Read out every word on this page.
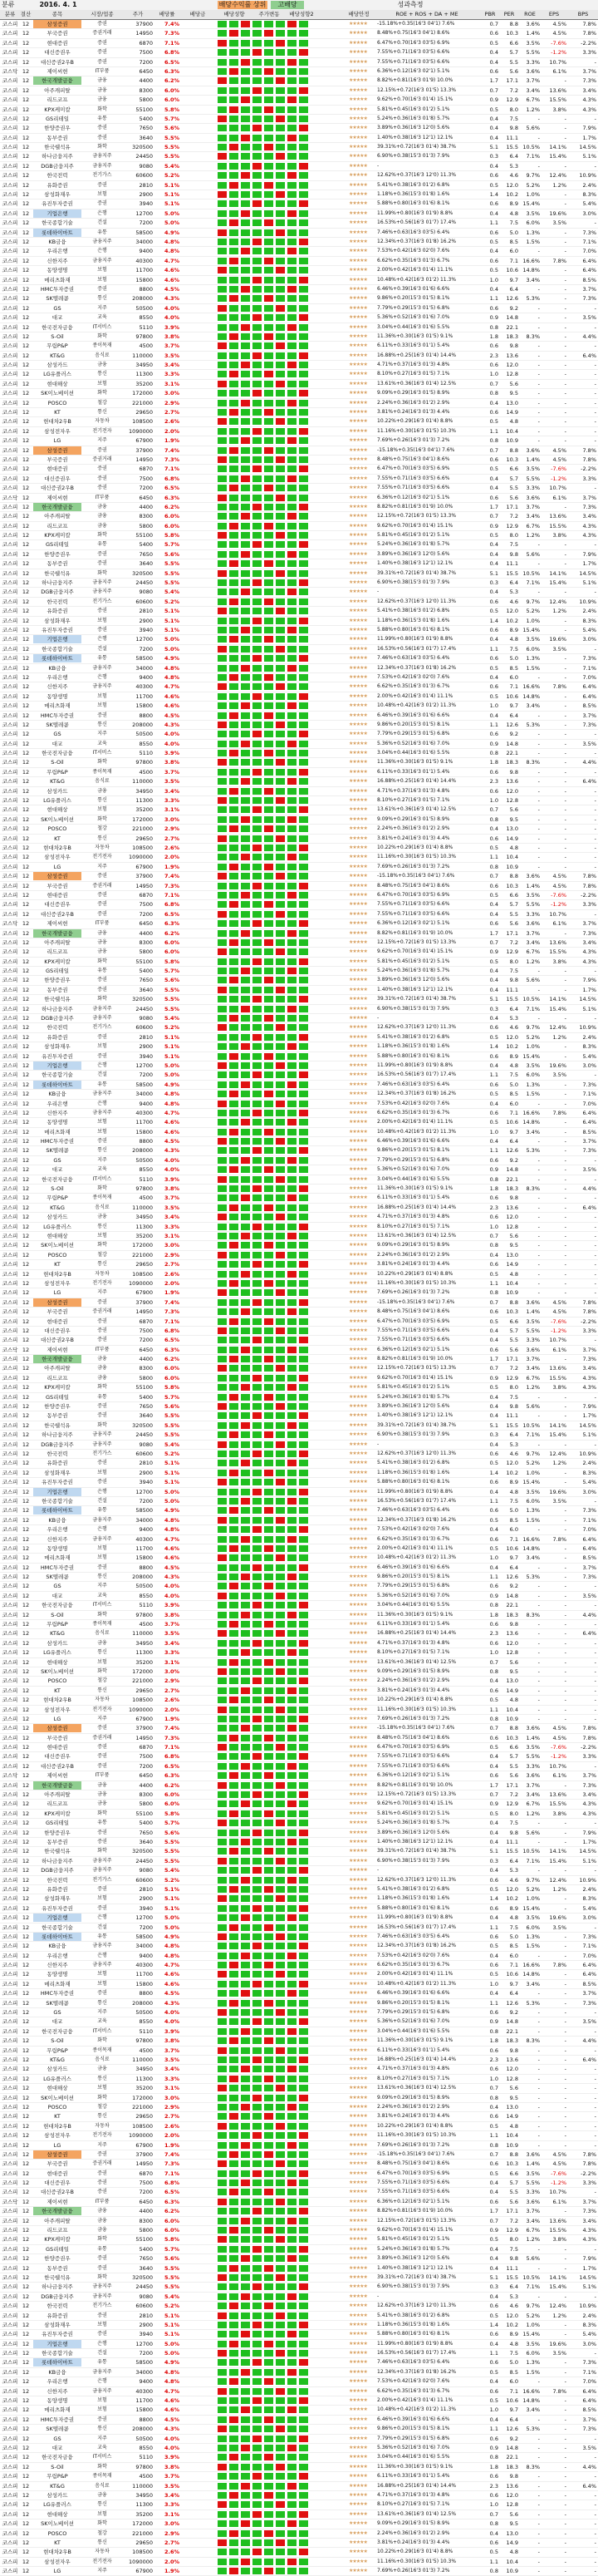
분류	2016. 4. 1	배당수익률 상위	고배당	성과측정
분류 결산	종목	시장/업종	주가	배당률	배당금	배당성향	주가변동	배당성향2	배당안정	ROE + ROS + DA + ME	PBR	PER	ROE	EPS	BPS
코스피 12	삼성증권	증권	37900	7.4%	★★★★★	-15.18%+0.35(16'3 04'1) 7.6%	0.7	8.8	3.6%	4.5%	7.8%
코스피 12	부국증권	증권거래	14950	7.3%	★★★★★	8.48%+0.75(16'3 04'1) 8.6%	0.6	10.3	1.4%	4.5%	7.8%
코스피 12	현대증권	증권	6870	7.1%	★★★★★	6.47%+0.70(16'3 03'5) 6.9%	0.5	6.6	3.5%	-7.6%	-2.2%
코스피 12	대신증권우	증권	7500	6.8%	★★★★★	7.55%+0.71(16'3 03'5) 6.6%	0.4	5.7	5.5%	-1.2%	3.3%
코스피 12	대신증권2우B	증권	7200	6.5%	★★★★★	7.55%+0.71(16'3 03'5) 6.6%	0.4	5.5	3.3%	10.7%	-
코스닥 12	제이씨현	IT부품	6450	6.3%	★★★★★	6.36%+0.12(16'3 02'1) 5.1%	0.6	5.6	3.6%	6.1%	3.7%
코스피 12	한국개발금융	금융	4400	6.2%	★★★★★	8.82%+0.81(16'3 01'9) 10.0%	1.7	17.1	3.7%	-	7.3%
코스피 12	아주캐피탈	금융	8300	6.0%	★★★★★	12.15%+0.72(16'3 01'5) 13.3%	0.7	7.2	3.4%	13.6%	3.4%
코스피 12	리드코프	금융	5800	6.0%	★★★★★	9.62%+0.70(16'3 01'4) 15.1%	0.9	12.9	6.7%	15.5%	4.3%
코스피 12	KPX케미칼	화학	55100	5.8%	★★★★★	5.81%+0.45(16'3 01'2) 5.1%	0.5	8.0	1.2%	3.8%	4.3%
코스피 12	GS리테일	유통	5400	5.7%	★★★★★	5.24%+0.36(16'3 01'8) 5.7%	0.4	7.5	-	-	-
코스피 12	한양증권우	증권	7650	5.6%	★★★★★	3.89%+0.36(16'3 12'0) 5.6%	0.4	9.8	5.6%	-	7.9%
코스피 12	동부증권	증권	3640	5.5%	★★★★★	1.40%+0.38(16'3 12'1) 12.1%	0.4	11.1	-	-	1.7%
코스피 12	한국쉘석유	화학	320500	5.5%	★★★★★	39.31%+0.72(16'3 01'4) 38.7%	5.1	15.5 10.5%	14.1%	14.5%
코스피 12	하나금융지주	금융지주	24450	5.5%	★★★★★	6.90%+0.38(15'3 01'3) 7.9%	0.3	6.4	7.1%	15.4%	5.1%
코스피 12	DGB금융지주	금융지주	9080	5.4%	★★★★★	-	0.4	5.3	-	-	-
코스피 12	한국전력	전기가스	60600	5.2%	★★★★★	12.62%+0.37(16'3 12'0) 11.3%	0.6	4.6	9.7%	12.4%	10.9%
코스피 12	유화증권	증권	2810	5.1%	★★★★★	5.41%+0.38(16'3 01'2) 6.8%	0.5	12.0	5.2%	1.2%	2.4%
코스피 12	삼성화재우	보험	2900	5.1%	★★★★★	1.18%+0.36(15'3 01'8) 1.6%	1.4	10.2	1.0%	-	8.3%
코스피 12	유진투자증권	증권	3940	5.1%	★★★★★	5.88%+0.80(16'3 01'6) 8.1%	0.6	8.9 15.4%	-	5.4%
코스피 12	기업은행	은행	12700	5.0%	★★★★★	11.99%+0.80(16'3 01'9) 8.8%	0.4	4.8	3.5%	19.6%	3.0%
코스피 12	한국종합기술	건설	7200	5.0%	★★★★★	16.53%+0.56(16'3 01'7) 17.4%	1.1	7.5	6.0%	3.5%	-
코스피 12	롯데하이마트	유통	58500	4.9%	★★★★★	7.46%+0.63(16'3 03'5) 6.4%	0.6	5.0	1.3%	-	7.3%
코스피 12	KB금융	금융지주	34000	4.8%	★★★★★	12.34%+0.37(16'3 01'8) 16.2%	0.5	8.5	1.5%	-	7.1%
코스피 12	우리은행	은행	9400	4.8%	★★★★★	7.53%+0.42(16'3 02'0) 7.6%	0.4	6.0	-	-	7.0%
코스피 12	신한지주	금융지주	40300	4.7%	★★★★★	6.62%+0.35(16'3 01'3) 6.7%	0.6	7.1 16.6%	7.8%	6.4%
코스피 12	동양생명	보험	11700	4.6%	★★★★★	2.00%+0.42(16'3 01'4) 11.1%	0.5	10.6 14.8%	-	6.4%
코스피 12	메리츠화재	보험	15800	4.6%	★★★★★	10.48%+0.42(16'3 01'2) 11.3%	1.0	9.7	3.4%	-	8.5%
코스피 12	HMC투자증권	증권	8800	4.5%	★★★★★	6.46%+0.39(16'3 01'6) 6.6%	0.4	6.4	-	-	3.7%
코스피 12	SK텔레콤	통신	208000	4.3%	★★★★★	9.86%+0.20(15'3 01'5) 8.1%	1.1	12.6	5.3%	-	7.3%
코스피 12	GS	지주	50500	4.0%	★★★★★	7.79%+0.29(15'3 01'5) 6.8%	0.6	9.2	-	-	-
코스피 12	대교	교육	8550	4.0%	★★★★★	5.36%+0.52(16'3 01'6) 7.0%	0.9	14.8	-	-	3.5%
코스피 12	한국전자금융	IT서비스	5110	3.9%	★★★★★	3.04%+0.44(16'3 01'6) 5.5%	0.8	22.1	-	-	-
코스피 12	S-Oil	화학	97800	3.8%	★★★★★	11.36%+0.30(16'3 01'5) 9.1%	1.8	18.3	8.3%	-	4.4%
코스피 12	무림P&P	종이목재	4500	3.7%	★★★★★	6.11%+0.33(16'3 01'1) 5.4%	0.6	9.8	-	-	-
코스피 12	KT&G	음식료	110000	3.5%	★★★★★	16.88%+0.25(16'3 01'4) 14.4%	2.3	13.6	-	-	6.4%
코스피 12	삼성카드	금융	34950	3.4%	★★★★★	4.71%+0.37(16'3 01'3) 4.8%	0.6	12.0	-	-	-
코스피 12	LG유플러스	통신	11300	3.3%	★★★★★	8.10%+0.27(16'3 01'5) 7.1%	1.0	12.8	-	-	-
코스피 12	현대해상	보험	35200	3.1%	★★★★★	13.61%+0.36(16'3 01'4) 12.5%	0.7	5.6	-	-	-
코스피 12	SK이노베이션	화학	172000	3.0%	★★★★★	9.09%+0.29(16'3 01'5) 8.9%	0.8	9.5	-	-	-
코스피 12	POSCO	철강	221000	2.9%	★★★★★	2.24%+0.36(16'3 01'2) 2.9%	0.4	13.0	-	-	-
코스피 12	KT	통신	29650	2.7%	★★★★★	3.81%+0.24(16'3 01'3) 4.4%	0.6	14.9	-	-	-
코스피 12	현대차2우B	자동차	108500	2.6%	★★★★★	10.22%+0.29(16'3 01'4) 8.8%	0.5	4.8	-	-	-
코스피 12	삼성전자우	전기전자	1090000	2.0%	★★★★★	11.16%+0.30(16'3 01'5) 10.3%	1.1	10.4	-	-	-
코스피 12	LG	지주	67900	1.9%	★★★★★	7.69%+0.26(16'3 01'3) 7.2%	0.8	10.9	-	-	-
코스피 12	삼성증권	증권	37900	7.4%	★★★★★	-15.18%+0.35(16'3 04'1) 7.6%	0.7	8.8	3.6%	4.5%	7.8%
코스피 12	부국증권	증권거래	14950	7.3%	★★★★★	8.48%+0.75(16'3 04'1) 8.6%	0.6	10.3	1.4%	4.5%	7.8%
코스피 12	현대증권	증권	6870	7.1%	★★★★★	6.47%+0.70(16'3 03'5) 6.9%	0.5	6.6	3.5%	-7.6%	-2.2%
코스피 12	대신증권우	증권	7500	6.8%	★★★★★	7.55%+0.71(16'3 03'5) 6.6%	0.4	5.7	5.5%	-1.2%	3.3%
코스피 12	대신증권2우B	증권	7200	6.5%	★★★★★	7.55%+0.71(16'3 03'5) 6.6%	0.4	5.5	3.3%	10.7%	-
코스닥 12	제이씨현	IT부품	6450	6.3%	★★★★★	6.36%+0.12(16'3 02'1) 5.1%	0.6	5.6	3.6%	6.1%	3.7%
코스피 12	한국개발금융	금융	4400	6.2%	★★★★★	8.82%+0.81(16'3 01'9) 10.0%	1.7	17.1	3.7%	-	7.3%
코스피 12	아주캐피탈	금융	8300	6.0%	★★★★★	12.15%+0.72(16'3 01'5) 13.3%	0.7	7.2	3.4%	13.6%	3.4%
코스피 12	리드코프	금융	5800	6.0%	★★★★★	9.62%+0.70(16'3 01'4) 15.1%	0.9	12.9	6.7%	15.5%	4.3%
코스피 12	KPX케미칼	화학	55100	5.8%	★★★★★	5.81%+0.45(16'3 01'2) 5.1%	0.5	8.0	1.2%	3.8%	4.3%
코스피 12	GS리테일	유통	5400	5.7%	★★★★★	5.24%+0.36(16'3 01'8) 5.7%	0.4	7.5	-	-	-
코스피 12	한양증권우	증권	7650	5.6%	★★★★★	3.89%+0.36(16'3 12'0) 5.6%	0.4	9.8	5.6%	-	7.9%
코스피 12	동부증권	증권	3640	5.5%	★★★★★	1.40%+0.38(16'3 12'1) 12.1%	0.4	11.1	-	-	1.7%
코스피 12	한국쉘석유	화학	320500	5.5%	★★★★★	39.31%+0.72(16'3 01'4) 38.7%	5.1	15.5 10.5%	14.1%	14.5%
코스피 12	하나금융지주	금융지주	24450	5.5%	★★★★★	6.90%+0.38(15'3 01'3) 7.9%	0.3	6.4	7.1%	15.4%	5.1%
코스피 12	DGB금융지주	금융지주	9080	5.4%	★★★★★	-	0.4	5.3	-	-	-
코스피 12	한국전력	전기가스	60600	5.2%	★★★★★	12.62%+0.37(16'3 12'0) 11.3%	0.6	4.6	9.7%	12.4%	10.9%
코스피 12	유화증권	증권	2810	5.1%	★★★★★	5.41%+0.38(16'3 01'2) 6.8%	0.5	12.0	5.2%	1.2%	2.4%
코스피 12	삼성화재우	보험	2900	5.1%	★★★★★	1.18%+0.36(15'3 01'8) 1.6%	1.4	10.2	1.0%	-	8.3%
코스피 12	유진투자증권	증권	3940	5.1%	★★★★★	5.88%+0.80(16'3 01'6) 8.1%	0.6	8.9 15.4%	-	5.4%
코스피 12	기업은행	은행	12700	5.0%	★★★★★	11.99%+0.80(16'3 01'9) 8.8%	0.4	4.8	3.5%	19.6%	3.0%
코스피 12	한국종합기술	건설	7200	5.0%	★★★★★	16.53%+0.56(16'3 01'7) 17.4%	1.1	7.5	6.0%	3.5%	-
코스피 12	롯데하이마트	유통	58500	4.9%	★★★★★	7.46%+0.63(16'3 03'5) 6.4%	0.6	5.0	1.3%	-	7.3%
코스피 12	KB금융	금융지주	34000	4.8%	★★★★★	12.34%+0.37(16'3 01'8) 16.2%	0.5	8.5	1.5%	-	7.1%
코스피 12	우리은행	은행	9400	4.8%	★★★★★	7.53%+0.42(16'3 02'0) 7.6%	0.4	6.0	-	-	7.0%
코스피 12	신한지주	금융지주	40300	4.7%	★★★★★	6.62%+0.35(16'3 01'3) 6.7%	0.6	7.1 16.6%	7.8%	6.4%
코스피 12	동양생명	보험	11700	4.6%	★★★★★	2.00%+0.42(16'3 01'4) 11.1%	0.5	10.6 14.8%	-	6.4%
코스피 12	메리츠화재	보험	15800	4.6%	★★★★★	10.48%+0.42(16'3 01'2) 11.3%	1.0	9.7	3.4%	-	8.5%
코스피 12	HMC투자증권	증권	8800	4.5%	★★★★★	6.46%+0.39(16'3 01'6) 6.6%	0.4	6.4	-	-	3.7%
코스피 12	SK텔레콤	통신	208000	4.3%	★★★★★	9.86%+0.20(15'3 01'5) 8.1%	1.1	12.6	5.3%	-	7.3%
코스피 12	GS	지주	50500	4.0%	★★★★★	7.79%+0.29(15'3 01'5) 6.8%	0.6	9.2	-	-	-
코스피 12	대교	교육	8550	4.0%	★★★★★	5.36%+0.52(16'3 01'6) 7.0%	0.9	14.8	-	-	3.5%
코스피 12	한국전자금융	IT서비스	5110	3.9%	★★★★★	3.04%+0.44(16'3 01'6) 5.5%	0.8	22.1	-	-	-
코스피 12	S-Oil	화학	97800	3.8%	★★★★★	11.36%+0.30(16'3 01'5) 9.1%	1.8	18.3	8.3%	-	4.4%
코스피 12	무림P&P	종이목재	4500	3.7%	★★★★★	6.11%+0.33(16'3 01'1) 5.4%	0.6	9.8	-	-	-
코스피 12	KT&G	음식료	110000	3.5%	★★★★★	16.88%+0.25(16'3 01'4) 14.4%	2.3	13.6	-	-	6.4%
코스피 12	삼성카드	금융	34950	3.4%	★★★★★	4.71%+0.37(16'3 01'3) 4.8%	0.6	12.0	-	-	-
코스피 12	LG유플러스	통신	11300	3.3%	★★★★★	8.10%+0.27(16'3 01'5) 7.1%	1.0	12.8	-	-	-
코스피 12	현대해상	보험	35200	3.1%	★★★★★	13.61%+0.36(16'3 01'4) 12.5%	0.7	5.6	-	-	-
코스피 12	SK이노베이션	화학	172000	3.0%	★★★★★	9.09%+0.29(16'3 01'5) 8.9%	0.8	9.5	-	-	-
코스피 12	POSCO	철강	221000	2.9%	★★★★★	2.24%+0.36(16'3 01'2) 2.9%	0.4	13.0	-	-	-
코스피 12	KT	통신	29650	2.7%	★★★★★	3.81%+0.24(16'3 01'3) 4.4%	0.6	14.9	-	-	-
코스피 12	현대차2우B	자동차	108500	2.6%	★★★★★	10.22%+0.29(16'3 01'4) 8.8%	0.5	4.8	-	-	-
코스피 12	삼성전자우	전기전자	1090000	2.0%	★★★★★	11.16%+0.30(16'3 01'5) 10.3%	1.1	10.4	-	-	-
코스피 12	LG	지주	67900	1.9%	★★★★★	7.69%+0.26(16'3 01'3) 7.2%	0.8	10.9	-	-	-
코스피 12	삼성증권	증권	37900	7.4%	★★★★★	-15.18%+0.35(16'3 04'1) 7.6%	0.7	8.8	3.6%	4.5%	7.8%
코스피 12	부국증권	증권거래	14950	7.3%	★★★★★	8.48%+0.75(16'3 04'1) 8.6%	0.6	10.3	1.4%	4.5%	7.8%
코스피 12	현대증권	증권	6870	7.1%	★★★★★	6.47%+0.70(16'3 03'5) 6.9%	0.5	6.6	3.5%	-7.6%	-2.2%
코스피 12	대신증권우	증권	7500	6.8%	★★★★★	7.55%+0.71(16'3 03'5) 6.6%	0.4	5.7	5.5%	-1.2%	3.3%
코스피 12	대신증권2우B	증권	7200	6.5%	★★★★★	7.55%+0.71(16'3 03'5) 6.6%	0.4	5.5	3.3%	10.7%	-
코스닥 12	제이씨현	IT부품	6450	6.3%	★★★★★	6.36%+0.12(16'3 02'1) 5.1%	0.6	5.6	3.6%	6.1%	3.7%
코스피 12	한국개발금융	금융	4400	6.2%	★★★★★	8.82%+0.81(16'3 01'9) 10.0%	1.7	17.1	3.7%	-	7.3%
코스피 12	아주캐피탈	금융	8300	6.0%	★★★★★	12.15%+0.72(16'3 01'5) 13.3%	0.7	7.2	3.4%	13.6%	3.4%
코스피 12	리드코프	금융	5800	6.0%	★★★★★	9.62%+0.70(16'3 01'4) 15.1%	0.9	12.9	6.7%	15.5%	4.3%
코스피 12	KPX케미칼	화학	55100	5.8%	★★★★★	5.81%+0.45(16'3 01'2) 5.1%	0.5	8.0	1.2%	3.8%	4.3%
코스피 12	GS리테일	유통	5400	5.7%	★★★★★	5.24%+0.36(16'3 01'8) 5.7%	0.4	7.5	-	-	-
코스피 12	한양증권우	증권	7650	5.6%	★★★★★	3.89%+0.36(16'3 12'0) 5.6%	0.4	9.8	5.6%	-	7.9%
코스피 12	동부증권	증권	3640	5.5%	★★★★★	1.40%+0.38(16'3 12'1) 12.1%	0.4	11.1	-	-	1.7%
코스피 12	한국쉘석유	화학	320500	5.5%	★★★★★	39.31%+0.72(16'3 01'4) 38.7%	5.1	15.5 10.5%	14.1%	14.5%
코스피 12	하나금융지주	금융지주	24450	5.5%	★★★★★	6.90%+0.38(15'3 01'3) 7.9%	0.3	6.4	7.1%	15.4%	5.1%
코스피 12	DGB금융지주	금융지주	9080	5.4%	★★★★★	-	0.4	5.3	-	-	-
코스피 12	한국전력	전기가스	60600	5.2%	★★★★★	12.62%+0.37(16'3 12'0) 11.3%	0.6	4.6	9.7%	12.4%	10.9%
코스피 12	유화증권	증권	2810	5.1%	★★★★★	5.41%+0.38(16'3 01'2) 6.8%	0.5	12.0	5.2%	1.2%	2.4%
코스피 12	삼성화재우	보험	2900	5.1%	★★★★★	1.18%+0.36(15'3 01'8) 1.6%	1.4	10.2	1.0%	-	8.3%
코스피 12	유진투자증권	증권	3940	5.1%	★★★★★	5.88%+0.80(16'3 01'6) 8.1%	0.6	8.9 15.4%	-	5.4%
코스피 12	기업은행	은행	12700	5.0%	★★★★★	11.99%+0.80(16'3 01'9) 8.8%	0.4	4.8	3.5%	19.6%	3.0%
코스피 12	한국종합기술	건설	7200	5.0%	★★★★★	16.53%+0.56(16'3 01'7) 17.4%	1.1	7.5	6.0%	3.5%	-
코스피 12	롯데하이마트	유통	58500	4.9%	★★★★★	7.46%+0.63(16'3 03'5) 6.4%	0.6	5.0	1.3%	-	7.3%
코스피 12	KB금융	금융지주	34000	4.8%	★★★★★	12.34%+0.37(16'3 01'8) 16.2%	0.5	8.5	1.5%	-	7.1%
코스피 12	우리은행	은행	9400	4.8%	★★★★★	7.53%+0.42(16'3 02'0) 7.6%	0.4	6.0	-	-	7.0%
코스피 12	신한지주	금융지주	40300	4.7%	★★★★★	6.62%+0.35(16'3 01'3) 6.7%	0.6	7.1 16.6%	7.8%	6.4%
코스피 12	동양생명	보험	11700	4.6%	★★★★★	2.00%+0.42(16'3 01'4) 11.1%	0.5	10.6 14.8%	-	6.4%
코스피 12	메리츠화재	보험	15800	4.6%	★★★★★	10.48%+0.42(16'3 01'2) 11.3%	1.0	9.7	3.4%	-	8.5%
코스피 12	HMC투자증권	증권	8800	4.5%	★★★★★	6.46%+0.39(16'3 01'6) 6.6%	0.4	6.4	-	-	3.7%
코스피 12	SK텔레콤	통신	208000	4.3%	★★★★★	9.86%+0.20(15'3 01'5) 8.1%	1.1	12.6	5.3%	-	7.3%
코스피 12	GS	지주	50500	4.0%	★★★★★	7.79%+0.29(15'3 01'5) 6.8%	0.6	9.2	-	-	-
코스피 12	대교	교육	8550	4.0%	★★★★★	5.36%+0.52(16'3 01'6) 7.0%	0.9	14.8	-	-	3.5%
코스피 12	한국전자금융	IT서비스	5110	3.9%	★★★★★	3.04%+0.44(16'3 01'6) 5.5%	0.8	22.1	-	-	-
코스피 12	S-Oil	화학	97800	3.8%	★★★★★	11.36%+0.30(16'3 01'5) 9.1%	1.8	18.3	8.3%	-	4.4%
코스피 12	무림P&P	종이목재	4500	3.7%	★★★★★	6.11%+0.33(16'3 01'1) 5.4%	0.6	9.8	-	-	-
코스피 12	KT&G	음식료	110000	3.5%	★★★★★	16.88%+0.25(16'3 01'4) 14.4%	2.3	13.6	-	-	6.4%
코스피 12	삼성카드	금융	34950	3.4%	★★★★★	4.71%+0.37(16'3 01'3) 4.8%	0.6	12.0	-	-	-
코스피 12	LG유플러스	통신	11300	3.3%	★★★★★	8.10%+0.27(16'3 01'5) 7.1%	1.0	12.8	-	-	-
코스피 12	현대해상	보험	35200	3.1%	★★★★★	13.61%+0.36(16'3 01'4) 12.5%	0.7	5.6	-	-	-
코스피 12	SK이노베이션	화학	172000	3.0%	★★★★★	9.09%+0.29(16'3 01'5) 8.9%	0.8	9.5	-	-	-
코스피 12	POSCO	철강	221000	2.9%	★★★★★	2.24%+0.36(16'3 01'2) 2.9%	0.4	13.0	-	-	-
코스피 12	KT	통신	29650	2.7%	★★★★★	3.81%+0.24(16'3 01'3) 4.4%	0.6	14.9	-	-	-
코스피 12	현대차2우B	자동차	108500	2.6%	★★★★★	10.22%+0.29(16'3 01'4) 8.8%	0.5	4.8	-	-	-
코스피 12	삼성전자우	전기전자	1090000	2.0%	★★★★★	11.16%+0.30(16'3 01'5) 10.3%	1.1	10.4	-	-	-
코스피 12	LG	지주	67900	1.9%	★★★★★	7.69%+0.26(16'3 01'3) 7.2%	0.8	10.9	-	-	-
코스피 12	삼성증권	증권	37900	7.4%	★★★★★	-15.18%+0.35(16'3 04'1) 7.6%	0.7	8.8	3.6%	4.5%	7.8%
코스피 12	부국증권	증권거래	14950	7.3%	★★★★★	8.48%+0.75(16'3 04'1) 8.6%	0.6	10.3	1.4%	4.5%	7.8%
코스피 12	현대증권	증권	6870	7.1%	★★★★★	6.47%+0.70(16'3 03'5) 6.9%	0.5	6.6	3.5%	-7.6%	-2.2%
코스피 12	대신증권우	증권	7500	6.8%	★★★★★	7.55%+0.71(16'3 03'5) 6.6%	0.4	5.7	5.5%	-1.2%	3.3%
코스피 12	대신증권2우B	증권	7200	6.5%	★★★★★	7.55%+0.71(16'3 03'5) 6.6%	0.4	5.5	3.3%	10.7%	-
코스닥 12	제이씨현	IT부품	6450	6.3%	★★★★★	6.36%+0.12(16'3 02'1) 5.1%	0.6	5.6	3.6%	6.1%	3.7%
코스피 12	한국개발금융	금융	4400	6.2%	★★★★★	8.82%+0.81(16'3 01'9) 10.0%	1.7	17.1	3.7%	-	7.3%
코스피 12	아주캐피탈	금융	8300	6.0%	★★★★★	12.15%+0.72(16'3 01'5) 13.3%	0.7	7.2	3.4%	13.6%	3.4%
코스피 12	리드코프	금융	5800	6.0%	★★★★★	9.62%+0.70(16'3 01'4) 15.1%	0.9	12.9	6.7%	15.5%	4.3%
코스피 12	KPX케미칼	화학	55100	5.8%	★★★★★	5.81%+0.45(16'3 01'2) 5.1%	0.5	8.0	1.2%	3.8%	4.3%
코스피 12	GS리테일	유통	5400	5.7%	★★★★★	5.24%+0.36(16'3 01'8) 5.7%	0.4	7.5	-	-	-
코스피 12	한양증권우	증권	7650	5.6%	★★★★★	3.89%+0.36(16'3 12'0) 5.6%	0.4	9.8	5.6%	-	7.9%
코스피 12	동부증권	증권	3640	5.5%	★★★★★	1.40%+0.38(16'3 12'1) 12.1%	0.4	11.1	-	-	1.7%
코스피 12	한국쉘석유	화학	320500	5.5%	★★★★★	39.31%+0.72(16'3 01'4) 38.7%	5.1	15.5 10.5%	14.1%	14.5%
코스피 12	하나금융지주	금융지주	24450	5.5%	★★★★★	6.90%+0.38(15'3 01'3) 7.9%	0.3	6.4	7.1%	15.4%	5.1%
코스피 12	DGB금융지주	금융지주	9080	5.4%	★★★★★	-	0.4	5.3	-	-	-
코스피 12	한국전력	전기가스	60600	5.2%	★★★★★	12.62%+0.37(16'3 12'0) 11.3%	0.6	4.6	9.7%	12.4%	10.9%
코스피 12	유화증권	증권	2810	5.1%	★★★★★	5.41%+0.38(16'3 01'2) 6.8%	0.5	12.0	5.2%	1.2%	2.4%
코스피 12	삼성화재우	보험	2900	5.1%	★★★★★	1.18%+0.36(15'3 01'8) 1.6%	1.4	10.2	1.0%	-	8.3%
코스피 12	유진투자증권	증권	3940	5.1%	★★★★★	5.88%+0.80(16'3 01'6) 8.1%	0.6	8.9 15.4%	-	5.4%
코스피 12	기업은행	은행	12700	5.0%	★★★★★	11.99%+0.80(16'3 01'9) 8.8%	0.4	4.8	3.5%	19.6%	3.0%
코스피 12	한국종합기술	건설	7200	5.0%	★★★★★	16.53%+0.56(16'3 01'7) 17.4%	1.1	7.5	6.0%	3.5%	-
코스피 12	롯데하이마트	유통	58500	4.9%	★★★★★	7.46%+0.63(16'3 03'5) 6.4%	0.6	5.0	1.3%	-	7.3%
코스피 12	KB금융	금융지주	34000	4.8%	★★★★★	12.34%+0.37(16'3 01'8) 16.2%	0.5	8.5	1.5%	-	7.1%
코스피 12	우리은행	은행	9400	4.8%	★★★★★	7.53%+0.42(16'3 02'0) 7.6%	0.4	6.0	-	-	7.0%
코스피 12	신한지주	금융지주	40300	4.7%	★★★★★	6.62%+0.35(16'3 01'3) 6.7%	0.6	7.1 16.6%	7.8%	6.4%
코스피 12	동양생명	보험	11700	4.6%	★★★★★	2.00%+0.42(16'3 01'4) 11.1%	0.5	10.6 14.8%	-	6.4%
코스피 12	메리츠화재	보험	15800	4.6%	★★★★★	10.48%+0.42(16'3 01'2) 11.3%	1.0	9.7	3.4%	-	8.5%
코스피 12	HMC투자증권	증권	8800	4.5%	★★★★★	6.46%+0.39(16'3 01'6) 6.6%	0.4	6.4	-	-	3.7%
코스피 12	SK텔레콤	통신	208000	4.3%	★★★★★	9.86%+0.20(15'3 01'5) 8.1%	1.1	12.6	5.3%	-	7.3%
코스피 12	GS	지주	50500	4.0%	★★★★★	7.79%+0.29(15'3 01'5) 6.8%	0.6	9.2	-	-	-
코스피 12	대교	교육	8550	4.0%	★★★★★	5.36%+0.52(16'3 01'6) 7.0%	0.9	14.8	-	-	3.5%
코스피 12	한국전자금융	IT서비스	5110	3.9%	★★★★★	3.04%+0.44(16'3 01'6) 5.5%	0.8	22.1	-	-	-
코스피 12	S-Oil	화학	97800	3.8%	★★★★★	11.36%+0.30(16'3 01'5) 9.1%	1.8	18.3	8.3%	-	4.4%
코스피 12	무림P&P	종이목재	4500	3.7%	★★★★★	6.11%+0.33(16'3 01'1) 5.4%	0.6	9.8	-	-	-
코스피 12	KT&G	음식료	110000	3.5%	★★★★★	16.88%+0.25(16'3 01'4) 14.4%	2.3	13.6	-	-	6.4%
코스피 12	삼성카드	금융	34950	3.4%	★★★★★	4.71%+0.37(16'3 01'3) 4.8%	0.6	12.0	-	-	-
코스피 12	LG유플러스	통신	11300	3.3%	★★★★★	8.10%+0.27(16'3 01'5) 7.1%	1.0	12.8	-	-	-
코스피 12	현대해상	보험	35200	3.1%	★★★★★	13.61%+0.36(16'3 01'4) 12.5%	0.7	5.6	-	-	-
코스피 12	SK이노베이션	화학	172000	3.0%	★★★★★	9.09%+0.29(16'3 01'5) 8.9%	0.8	9.5	-	-	-
코스피 12	POSCO	철강	221000	2.9%	★★★★★	2.24%+0.36(16'3 01'2) 2.9%	0.4	13.0	-	-	-
코스피 12	KT	통신	29650	2.7%	★★★★★	3.81%+0.24(16'3 01'3) 4.4%	0.6	14.9	-	-	-
코스피 12	현대차2우B	자동차	108500	2.6%	★★★★★	10.22%+0.29(16'3 01'4) 8.8%	0.5	4.8	-	-	-
코스피 12	삼성전자우	전기전자	1090000	2.0%	★★★★★	11.16%+0.30(16'3 01'5) 10.3%	1.1	10.4	-	-	-
코스피 12	LG	지주	67900	1.9%	★★★★★	7.69%+0.26(16'3 01'3) 7.2%	0.8	10.9	-	-	-
코스피 12	삼성증권	증권	37900	7.4%	★★★★★	-15.18%+0.35(16'3 04'1) 7.6%	0.7	8.8	3.6%	4.5%	7.8%
코스피 12	부국증권	증권거래	14950	7.3%	★★★★★	8.48%+0.75(16'3 04'1) 8.6%	0.6	10.3	1.4%	4.5%	7.8%
코스피 12	현대증권	증권	6870	7.1%	★★★★★	6.47%+0.70(16'3 03'5) 6.9%	0.5	6.6	3.5%	-7.6%	-2.2%
코스피 12	대신증권우	증권	7500	6.8%	★★★★★	7.55%+0.71(16'3 03'5) 6.6%	0.4	5.7	5.5%	-1.2%	3.3%
코스피 12	대신증권2우B	증권	7200	6.5%	★★★★★	7.55%+0.71(16'3 03'5) 6.6%	0.4	5.5	3.3%	10.7%	-
코스닥 12	제이씨현	IT부품	6450	6.3%	★★★★★	6.36%+0.12(16'3 02'1) 5.1%	0.6	5.6	3.6%	6.1%	3.7%
코스피 12	한국개발금융	금융	4400	6.2%	★★★★★	8.82%+0.81(16'3 01'9) 10.0%	1.7	17.1	3.7%	-	7.3%
코스피 12	아주캐피탈	금융	8300	6.0%	★★★★★	12.15%+0.72(16'3 01'5) 13.3%	0.7	7.2	3.4%	13.6%	3.4%
코스피 12	리드코프	금융	5800	6.0%	★★★★★	9.62%+0.70(16'3 01'4) 15.1%	0.9	12.9	6.7%	15.5%	4.3%
코스피 12	KPX케미칼	화학	55100	5.8%	★★★★★	5.81%+0.45(16'3 01'2) 5.1%	0.5	8.0	1.2%	3.8%	4.3%
코스피 12	GS리테일	유통	5400	5.7%	★★★★★	5.24%+0.36(16'3 01'8) 5.7%	0.4	7.5	-	-	-
코스피 12	한양증권우	증권	7650	5.6%	★★★★★	3.89%+0.36(16'3 12'0) 5.6%	0.4	9.8	5.6%	-	7.9%
코스피 12	동부증권	증권	3640	5.5%	★★★★★	1.40%+0.38(16'3 12'1) 12.1%	0.4	11.1	-	-	1.7%
코스피 12	한국쉘석유	화학	320500	5.5%	★★★★★	39.31%+0.72(16'3 01'4) 38.7%	5.1	15.5 10.5%	14.1%	14.5%
코스피 12	하나금융지주	금융지주	24450	5.5%	★★★★★	6.90%+0.38(15'3 01'3) 7.9%	0.3	6.4	7.1%	15.4%	5.1%
코스피 12	DGB금융지주	금융지주	9080	5.4%	★★★★★	-	0.4	5.3	-	-	-
코스피 12	한국전력	전기가스	60600	5.2%	★★★★★	12.62%+0.37(16'3 12'0) 11.3%	0.6	4.6	9.7%	12.4%	10.9%
코스피 12	유화증권	증권	2810	5.1%	★★★★★	5.41%+0.38(16'3 01'2) 6.8%	0.5	12.0	5.2%	1.2%	2.4%
코스피 12	삼성화재우	보험	2900	5.1%	★★★★★	1.18%+0.36(15'3 01'8) 1.6%	1.4	10.2	1.0%	-	8.3%
코스피 12	유진투자증권	증권	3940	5.1%	★★★★★	5.88%+0.80(16'3 01'6) 8.1%	0.6	8.9 15.4%	-	5.4%
코스피 12	기업은행	은행	12700	5.0%	★★★★★	11.99%+0.80(16'3 01'9) 8.8%	0.4	4.8	3.5%	19.6%	3.0%
코스피 12	한국종합기술	건설	7200	5.0%	★★★★★	16.53%+0.56(16'3 01'7) 17.4%	1.1	7.5	6.0%	3.5%	-
코스피 12	롯데하이마트	유통	58500	4.9%	★★★★★	7.46%+0.63(16'3 03'5) 6.4%	0.6	5.0	1.3%	-	7.3%
코스피 12	KB금융	금융지주	34000	4.8%	★★★★★	12.34%+0.37(16'3 01'8) 16.2%	0.5	8.5	1.5%	-	7.1%
코스피 12	우리은행	은행	9400	4.8%	★★★★★	7.53%+0.42(16'3 02'0) 7.6%	0.4	6.0	-	-	7.0%
코스피 12	신한지주	금융지주	40300	4.7%	★★★★★	6.62%+0.35(16'3 01'3) 6.7%	0.6	7.1 16.6%	7.8%	6.4%
코스피 12	동양생명	보험	11700	4.6%	★★★★★	2.00%+0.42(16'3 01'4) 11.1%	0.5	10.6 14.8%	-	6.4%
코스피 12	메리츠화재	보험	15800	4.6%	★★★★★	10.48%+0.42(16'3 01'2) 11.3%	1.0	9.7	3.4%	-	8.5%
코스피 12	HMC투자증권	증권	8800	4.5%	★★★★★	6.46%+0.39(16'3 01'6) 6.6%	0.4	6.4	-	-	3.7%
코스피 12	SK텔레콤	통신	208000	4.3%	★★★★★	9.86%+0.20(15'3 01'5) 8.1%	1.1	12.6	5.3%	-	7.3%
코스피 12	GS	지주	50500	4.0%	★★★★★	7.79%+0.29(15'3 01'5) 6.8%	0.6	9.2	-	-	-
코스피 12	대교	교육	8550	4.0%	★★★★★	5.36%+0.52(16'3 01'6) 7.0%	0.9	14.8	-	-	3.5%
코스피 12	한국전자금융	IT서비스	5110	3.9%	★★★★★	3.04%+0.44(16'3 01'6) 5.5%	0.8	22.1	-	-	-
코스피 12	S-Oil	화학	97800	3.8%	★★★★★	11.36%+0.30(16'3 01'5) 9.1%	1.8	18.3	8.3%	-	4.4%
코스피 12	무림P&P	종이목재	4500	3.7%	★★★★★	6.11%+0.33(16'3 01'1) 5.4%	0.6	9.8	-	-	-
코스피 12	KT&G	음식료	110000	3.5%	★★★★★	16.88%+0.25(16'3 01'4) 14.4%	2.3	13.6	-	-	6.4%
코스피 12	삼성카드	금융	34950	3.4%	★★★★★	4.71%+0.37(16'3 01'3) 4.8%	0.6	12.0	-	-	-
코스피 12	LG유플러스	통신	11300	3.3%	★★★★★	8.10%+0.27(16'3 01'5) 7.1%	1.0	12.8	-	-	-
코스피 12	현대해상	보험	35200	3.1%	★★★★★	13.61%+0.36(16'3 01'4) 12.5%	0.7	5.6	-	-	-
코스피 12	SK이노베이션	화학	172000	3.0%	★★★★★	9.09%+0.29(16'3 01'5) 8.9%	0.8	9.5	-	-	-
코스피 12	POSCO	철강	221000	2.9%	★★★★★	2.24%+0.36(16'3 01'2) 2.9%	0.4	13.0	-	-	-
코스피 12	KT	통신	29650	2.7%	★★★★★	3.81%+0.24(16'3 01'3) 4.4%	0.6	14.9	-	-	-
코스피 12	현대차2우B	자동차	108500	2.6%	★★★★★	10.22%+0.29(16'3 01'4) 8.8%	0.5	4.8	-	-	-
코스피 12	삼성전자우	전기전자	1090000	2.0%	★★★★★	11.16%+0.30(16'3 01'5) 10.3%	1.1	10.4	-	-	-
코스피 12	LG	지주	67900	1.9%	★★★★★	7.69%+0.26(16'3 01'3) 7.2%	0.8	10.9	-	-	-
코스피 12	삼성증권	증권	37900	7.4%	★★★★★	-15.18%+0.35(16'3 04'1) 7.6%	0.7	8.8	3.6%	4.5%	7.8%
코스피 12	부국증권	증권거래	14950	7.3%	★★★★★	8.48%+0.75(16'3 04'1) 8.6%	0.6	10.3	1.4%	4.5%	7.8%
코스피 12	현대증권	증권	6870	7.1%	★★★★★	6.47%+0.70(16'3 03'5) 6.9%	0.5	6.6	3.5%	-7.6%	-2.2%
코스피 12	대신증권우	증권	7500	6.8%	★★★★★	7.55%+0.71(16'3 03'5) 6.6%	0.4	5.7	5.5%	-1.2%	3.3%
코스피 12	대신증권2우B	증권	7200	6.5%	★★★★★	7.55%+0.71(16'3 03'5) 6.6%	0.4	5.5	3.3%	10.7%	-
코스닥 12	제이씨현	IT부품	6450	6.3%	★★★★★	6.36%+0.12(16'3 02'1) 5.1%	0.6	5.6	3.6%	6.1%	3.7%
코스피 12	한국개발금융	금융	4400	6.2%	★★★★★	8.82%+0.81(16'3 01'9) 10.0%	1.7	17.1	3.7%	-	7.3%
코스피 12	아주캐피탈	금융	8300	6.0%	★★★★★	12.15%+0.72(16'3 01'5) 13.3%	0.7	7.2	3.4%	13.6%	3.4%
코스피 12	리드코프	금융	5800	6.0%	★★★★★	9.62%+0.70(16'3 01'4) 15.1%	0.9	12.9	6.7%	15.5%	4.3%
코스피 12	KPX케미칼	화학	55100	5.8%	★★★★★	5.81%+0.45(16'3 01'2) 5.1%	0.5	8.0	1.2%	3.8%	4.3%
코스피 12	GS리테일	유통	5400	5.7%	★★★★★	5.24%+0.36(16'3 01'8) 5.7%	0.4	7.5	-	-	-
코스피 12	한양증권우	증권	7650	5.6%	★★★★★	3.89%+0.36(16'3 12'0) 5.6%	0.4	9.8	5.6%	-	7.9%
코스피 12	동부증권	증권	3640	5.5%	★★★★★	1.40%+0.38(16'3 12'1) 12.1%	0.4	11.1	-	-	1.7%
코스피 12	한국쉘석유	화학	320500	5.5%	★★★★★	39.31%+0.72(16'3 01'4) 38.7%	5.1	15.5 10.5%	14.1%	14.5%
코스피 12	하나금융지주	금융지주	24450	5.5%	★★★★★	6.90%+0.38(15'3 01'3) 7.9%	0.3	6.4	7.1%	15.4%	5.1%
코스피 12	DGB금융지주	금융지주	9080	5.4%	★★★★★	-	0.4	5.3	-	-	-
코스피 12	한국전력	전기가스	60600	5.2%	★★★★★	12.62%+0.37(16'3 12'0) 11.3%	0.6	4.6	9.7%	12.4%	10.9%
코스피 12	유화증권	증권	2810	5.1%	★★★★★	5.41%+0.38(16'3 01'2) 6.8%	0.5	12.0	5.2%	1.2%	2.4%
코스피 12	삼성화재우	보험	2900	5.1%	★★★★★	1.18%+0.36(15'3 01'8) 1.6%	1.4	10.2	1.0%	-	8.3%
코스피 12	유진투자증권	증권	3940	5.1%	★★★★★	5.88%+0.80(16'3 01'6) 8.1%	0.6	8.9 15.4%	-	5.4%
코스피 12	기업은행	은행	12700	5.0%	★★★★★	11.99%+0.80(16'3 01'9) 8.8%	0.4	4.8	3.5%	19.6%	3.0%
코스피 12	한국종합기술	건설	7200	5.0%	★★★★★	16.53%+0.56(16'3 01'7) 17.4%	1.1	7.5	6.0%	3.5%	-
코스피 12	롯데하이마트	유통	58500	4.9%	★★★★★	7.46%+0.63(16'3 03'5) 6.4%	0.6	5.0	1.3%	-	7.3%
코스피 12	KB금융	금융지주	34000	4.8%	★★★★★	12.34%+0.37(16'3 01'8) 16.2%	0.5	8.5	1.5%	-	7.1%
코스피 12	우리은행	은행	9400	4.8%	★★★★★	7.53%+0.42(16'3 02'0) 7.6%	0.4	6.0	-	-	7.0%
코스피 12	신한지주	금융지주	40300	4.7%	★★★★★	6.62%+0.35(16'3 01'3) 6.7%	0.6	7.1 16.6%	7.8%	6.4%
코스피 12	동양생명	보험	11700	4.6%	★★★★★	2.00%+0.42(16'3 01'4) 11.1%	0.5	10.6 14.8%	-	6.4%
코스피 12	메리츠화재	보험	15800	4.6%	★★★★★	10.48%+0.42(16'3 01'2) 11.3%	1.0	9.7	3.4%	-	8.5%
코스피 12	HMC투자증권	증권	8800	4.5%	★★★★★	6.46%+0.39(16'3 01'6) 6.6%	0.4	6.4	-	-	3.7%
코스피 12	SK텔레콤	통신	208000	4.3%	★★★★★	9.86%+0.20(15'3 01'5) 8.1%	1.1	12.6	5.3%	-	7.3%
코스피 12	GS	지주	50500	4.0%	★★★★★	7.79%+0.29(15'3 01'5) 6.8%	0.6	9.2	-	-	-
코스피 12	대교	교육	8550	4.0%	★★★★★	5.36%+0.52(16'3 01'6) 7.0%	0.9	14.8	-	-	3.5%
코스피 12	한국전자금융	IT서비스	5110	3.9%	★★★★★	3.04%+0.44(16'3 01'6) 5.5%	0.8	22.1	-	-	-
코스피 12	S-Oil	화학	97800	3.8%	★★★★★	11.36%+0.30(16'3 01'5) 9.1%	1.8	18.3	8.3%	-	4.4%
코스피 12	무림P&P	종이목재	4500	3.7%	★★★★★	6.11%+0.33(16'3 01'1) 5.4%	0.6	9.8	-	-	-
코스피 12	KT&G	음식료	110000	3.5%	★★★★★	16.88%+0.25(16'3 01'4) 14.4%	2.3	13.6	-	-	6.4%
코스피 12	삼성카드	금융	34950	3.4%	★★★★★	4.71%+0.37(16'3 01'3) 4.8%	0.6	12.0	-	-	-
코스피 12	LG유플러스	통신	11300	3.3%	★★★★★	8.10%+0.27(16'3 01'5) 7.1%	1.0	12.8	-	-	-
코스피 12	현대해상	보험	35200	3.1%	★★★★★	13.61%+0.36(16'3 01'4) 12.5%	0.7	5.6	-	-	-
코스피 12	SK이노베이션	화학	172000	3.0%	★★★★★	9.09%+0.29(16'3 01'5) 8.9%	0.8	9.5	-	-	-
코스피 12	POSCO	철강	221000	2.9%	★★★★★	2.24%+0.36(16'3 01'2) 2.9%	0.4	13.0	-	-	-
코스피 12	KT	통신	29650	2.7%	★★★★★	3.81%+0.24(16'3 01'3) 4.4%	0.6	14.9	-	-	-
코스피 12	현대차2우B	자동차	108500	2.6%	★★★★★	10.22%+0.29(16'3 01'4) 8.8%	0.5	4.8	-	-	-
코스피 12	삼성전자우	전기전자	1090000	2.0%	★★★★★	11.16%+0.30(16'3 01'5) 10.3%	1.1	10.4	-	-	-
코스피 12	LG	지주	67900	1.9%	★★★★★	7.69%+0.26(16'3 01'3) 7.2%	0.8	10.9	-	-	-
